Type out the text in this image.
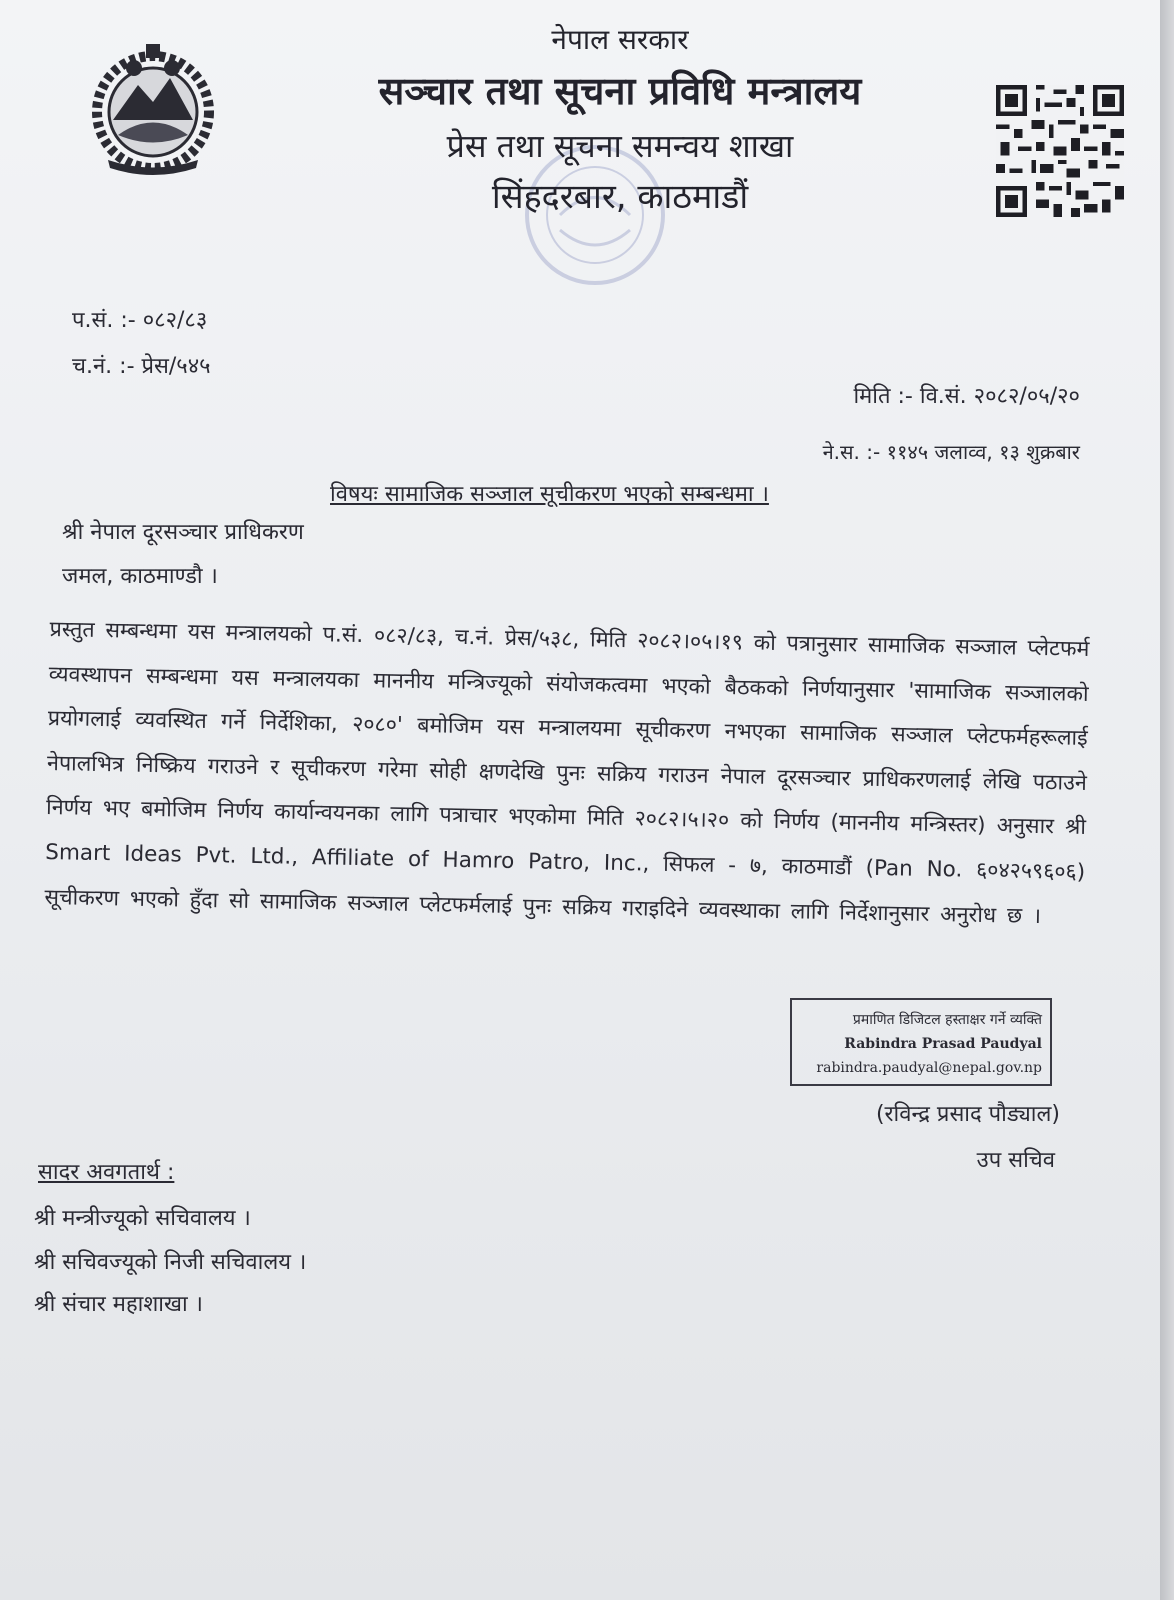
नेपाल सरकार
सञ्चार तथा सूचना प्रविधि मन्त्रालय
प्रेस तथा सूचना समन्वय शाखा
सिंहदरबार, काठमाडौं
प.सं. :- ०८२/८३
च.नं. :- प्रेस/५४५
मिति :- वि.सं. २०८२/०५/२०
ने.स. :- ११४५ जलाव्व, १३ शुक्रबार
विषयः सामाजिक सञ्जाल सूचीकरण भएको सम्बन्धमा ।
श्री नेपाल दूरसञ्चार प्राधिकरण
जमल, काठमाण्डौ ।
प्रस्तुत सम्बन्धमा यस मन्त्रालयको प.सं. ०८२/८३, च.नं. प्रेस/५३८, मिति २०८२।०५।१९ को पत्रानुसार सामाजिक सञ्जाल प्लेटफर्म व्यवस्थापन सम्बन्धमा यस मन्त्रालयका माननीय मन्त्रिज्यूको संयोजकत्वमा भएको बैठकको निर्णयानुसार 'सामाजिक सञ्जालको प्रयोगलाई व्यवस्थित गर्ने निर्देशिका, २०८०' बमोजिम यस मन्त्रालयमा सूचीकरण नभएका सामाजिक सञ्जाल प्लेटफर्महरूलाई नेपालभित्र निष्क्रिय गराउने र सूचीकरण गरेमा सोही क्षणदेखि पुनः सक्रिय गराउन नेपाल दूरसञ्चार प्राधिकरणलाई लेखि पठाउने निर्णय भए बमोजिम निर्णय कार्यान्वयनका लागि पत्राचार भएकोमा मिति २०८२।५।२० को निर्णय (माननीय मन्त्रिस्तर) अनुसार श्री Smart Ideas Pvt. Ltd., Affiliate of Hamro Patro, Inc., सिफल - ७, काठमाडौं (Pan No. ६०४२५९६०६) सूचीकरण भएको हुँदा सो सामाजिक सञ्जाल प्लेटफर्मलाई पुनः सक्रिय गराइदिने व्यवस्थाका लागि निर्देशानुसार अनुरोध छ ।
प्रमाणित डिजिटल हस्ताक्षर गर्ने व्यक्ति
Rabindra Prasad Paudyal
rabindra.paudyal@nepal.gov.np
(रविन्द्र प्रसाद पौड्याल)
उप सचिव
सादर अवगतार्थ :
श्री मन्त्रीज्यूको सचिवालय ।
श्री सचिवज्यूको निजी सचिवालय ।
श्री संचार महाशाखा ।
